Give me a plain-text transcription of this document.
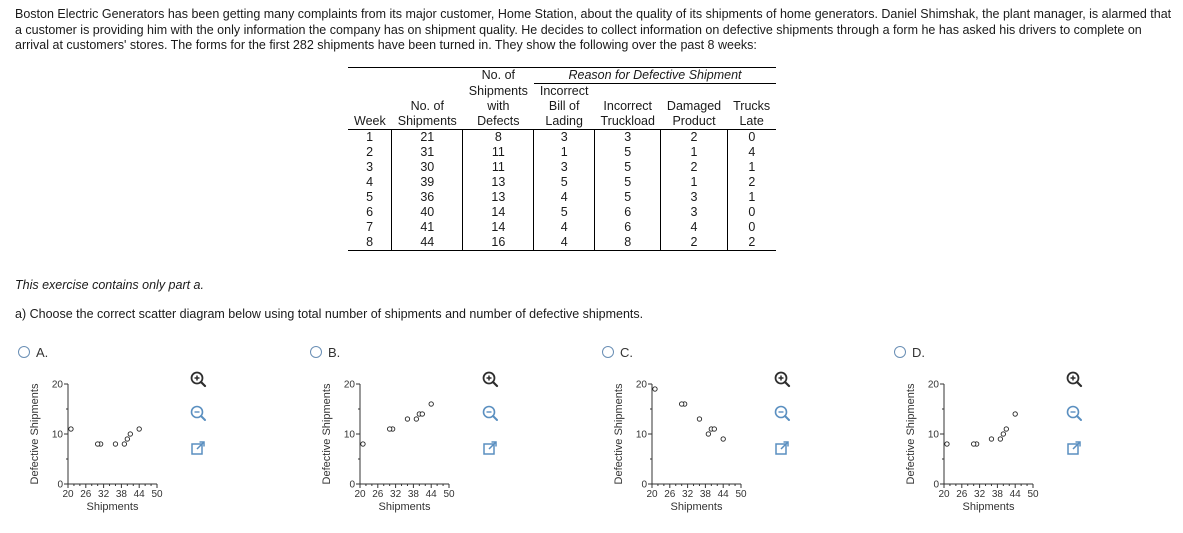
Boston Electric Generators has been getting many complaints from its major customer, Home Station, about the quality of its shipments of home generators. Daniel Shimshak, the plant manager, is alarmed that a customer is providing him with the only information the company has on shipment quality. He decides to collect information on defective shipments through a form he has asked his drivers to complete on arrival at customers' stores. The forms for the first 282 shipments have been turned in. They show the following over the past 8 weeks:

		No. of	Reason for Defective Shipment			
		Shipments	Incorrect			
	No. of	with	Bill of	Incorrect	Damaged	Trucks
Week	Shipments	Defects	Lading	Truckload	Product	Late
1	21	8	3	3	2	0
2	31	11	1	5	1	4
3	30	11	3	5	2	1
4	39	13	5	5	1	2
5	36	13	4	5	3	1
6	40	14	5	6	3	0
7	41	14	4	6	4	0
8	44	16	4	8	2	2
This exercise contains only part a.
a) Choose the correct scatter diagram below using total number of shipments and number of defective shipments.
A.
20 26 32 38 44 50
0
10
20
Shipments
Defective Shipments
B.
20 26 32 38 44 50
0
10
20
Shipments
Defective Shipments
C.
20 26 32 38 44 50
0
10
20
Shipments
Defective Shipments
D.
20 26 32 38 44 50
0
10
20
Shipments
Defective Shipments
